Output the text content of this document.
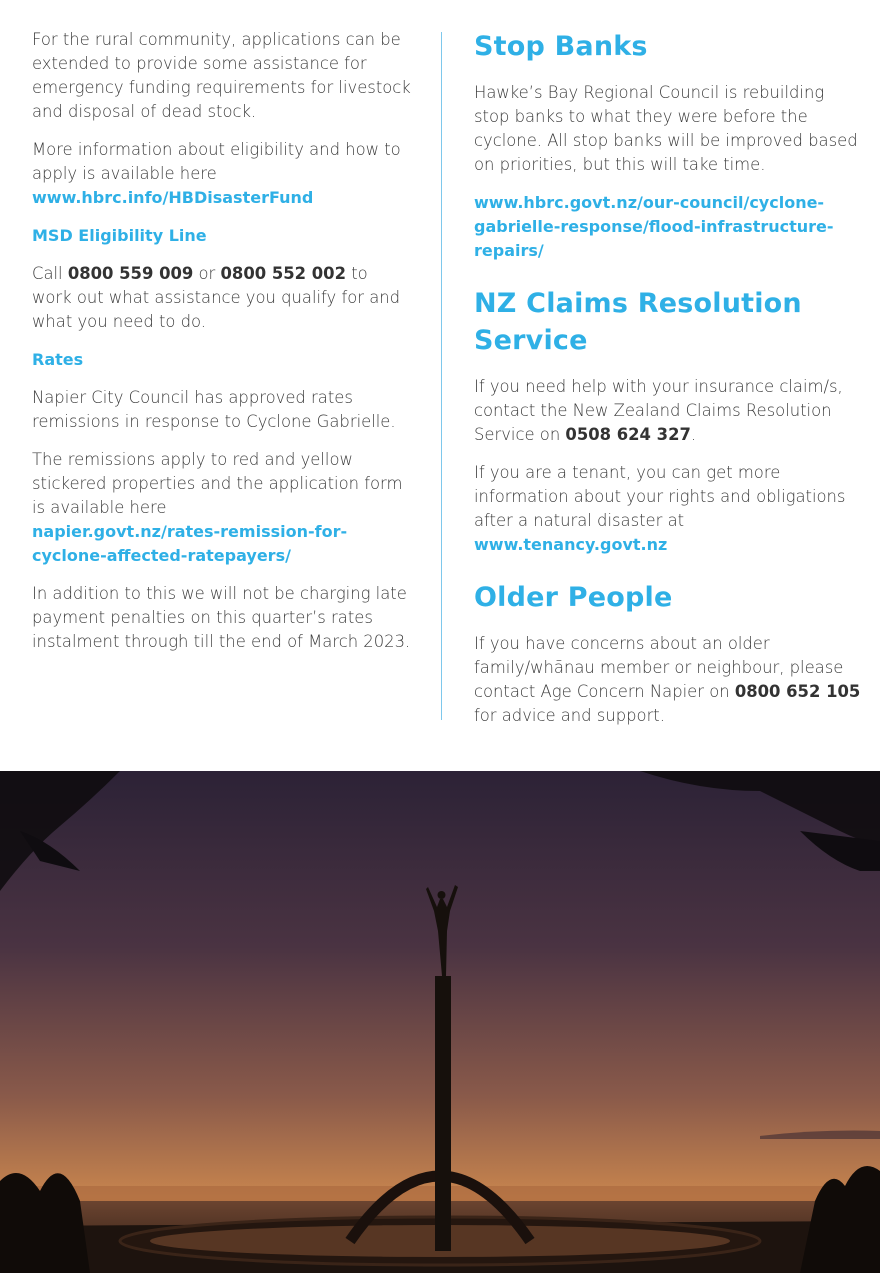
For the rural community, applications can be extended to provide some assistance for emergency funding requirements for livestock and disposal of dead stock.

More information about eligibility and how to apply is available here

www.hbrc.info/HBDisasterFund
MSD Eligibility Line

Call 0800 559 009 or 0800 552 002 to work out what assistance you qualify for and what you need to do.

Rates

Napier City Council has approved rates remissions in response to Cyclone Gabrielle.

The remissions apply to red and yellow stickered properties and the application form is available here

napier.govt.nz/rates-remission-for-cyclone-affected-ratepayers/

In addition to this we will not be charging late payment penalties on this quarter’s rates instalment through till the end of March 2023.

Stop Banks

Hawke’s Bay Regional Council is rebuilding stop banks to what they were before the cyclone. All stop banks will be improved based on priorities, but this will take time.

www.hbrc.govt.nz/our-council/cyclone-gabrielle-response/flood-infrastructure-repairs/
NZ Claims Resolution Service

If you need help with your insurance claim/s, contact the New Zealand Claims Resolution Service on 0508 624 327.

If you are a tenant, you can get more information about your rights and obligations after a natural disaster at

www.tenancy.govt.nz
Older People

If you have concerns about an older family/whānau member or neighbour, please contact Age Concern Napier on 0800 652 105 for advice and support.
